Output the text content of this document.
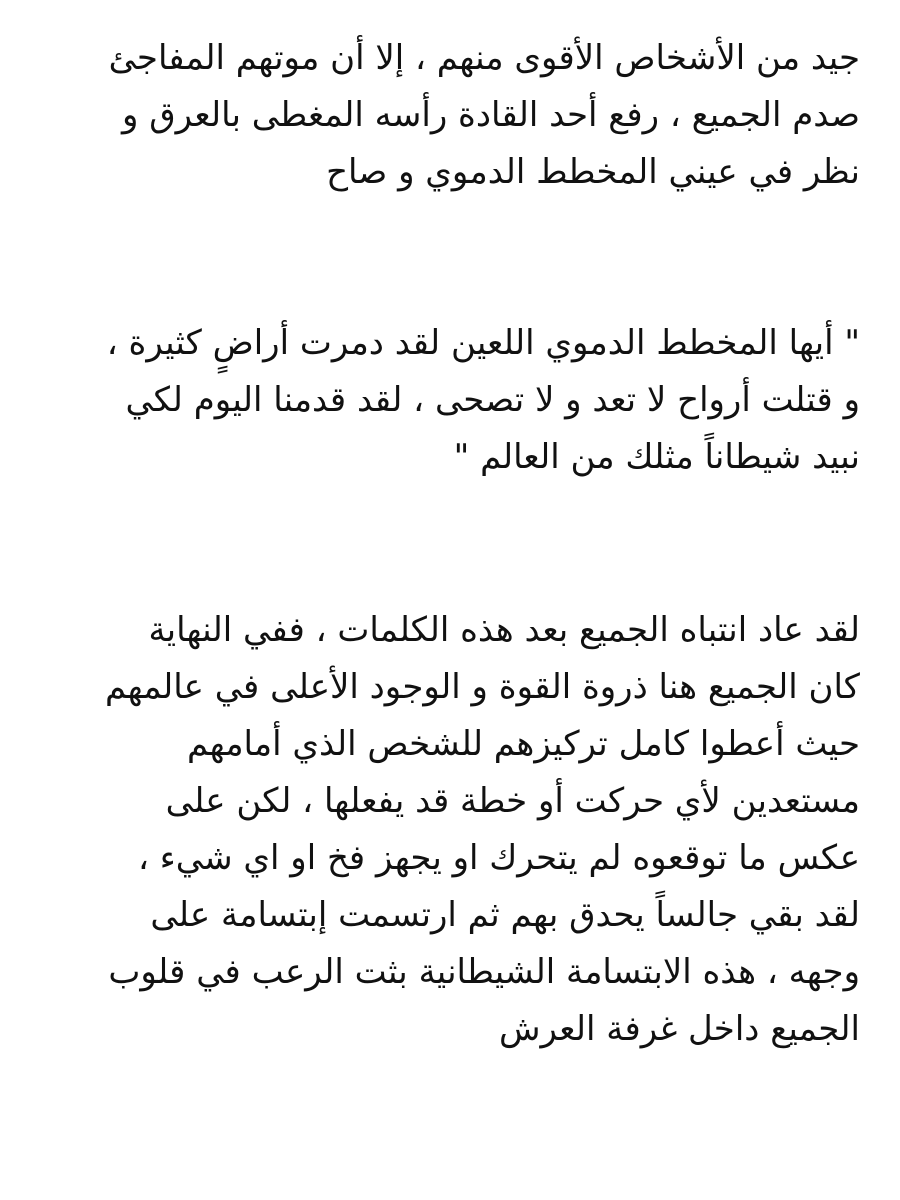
جيد من الأشخاص الأقوى منهم ، إلا أن موتهم المفاجئ
صدم الجميع ، رفع أحد القادة رأسه المغطى بالعرق و
نظر في عيني المخطط الدموي و صاح

" أيها المخطط الدموي اللعين لقد دمرت أراضٍ كثيرة ،
و قتلت أرواح لا تعد و لا تصحى ، لقد قدمنا اليوم لكي
نبيد شيطاناً مثلك من العالم "

لقد عاد انتباه الجميع بعد هذه الكلمات ، ففي النهاية
كان الجميع هنا ذروة القوة و الوجود الأعلى في عالمهم
حيث أعطوا كامل تركيزهم للشخص الذي أمامهم
مستعدين لأي حركت أو خطة قد يفعلها ، لكن على
عكس ما توقعوه لم يتحرك او يجهز فخ او اي شيء ،
لقد بقي جالساً يحدق بهم ثم ارتسمت إبتسامة على
وجهه ، هذه الابتسامة الشيطانية بثت الرعب في قلوب
الجميع داخل غرفة العرش
